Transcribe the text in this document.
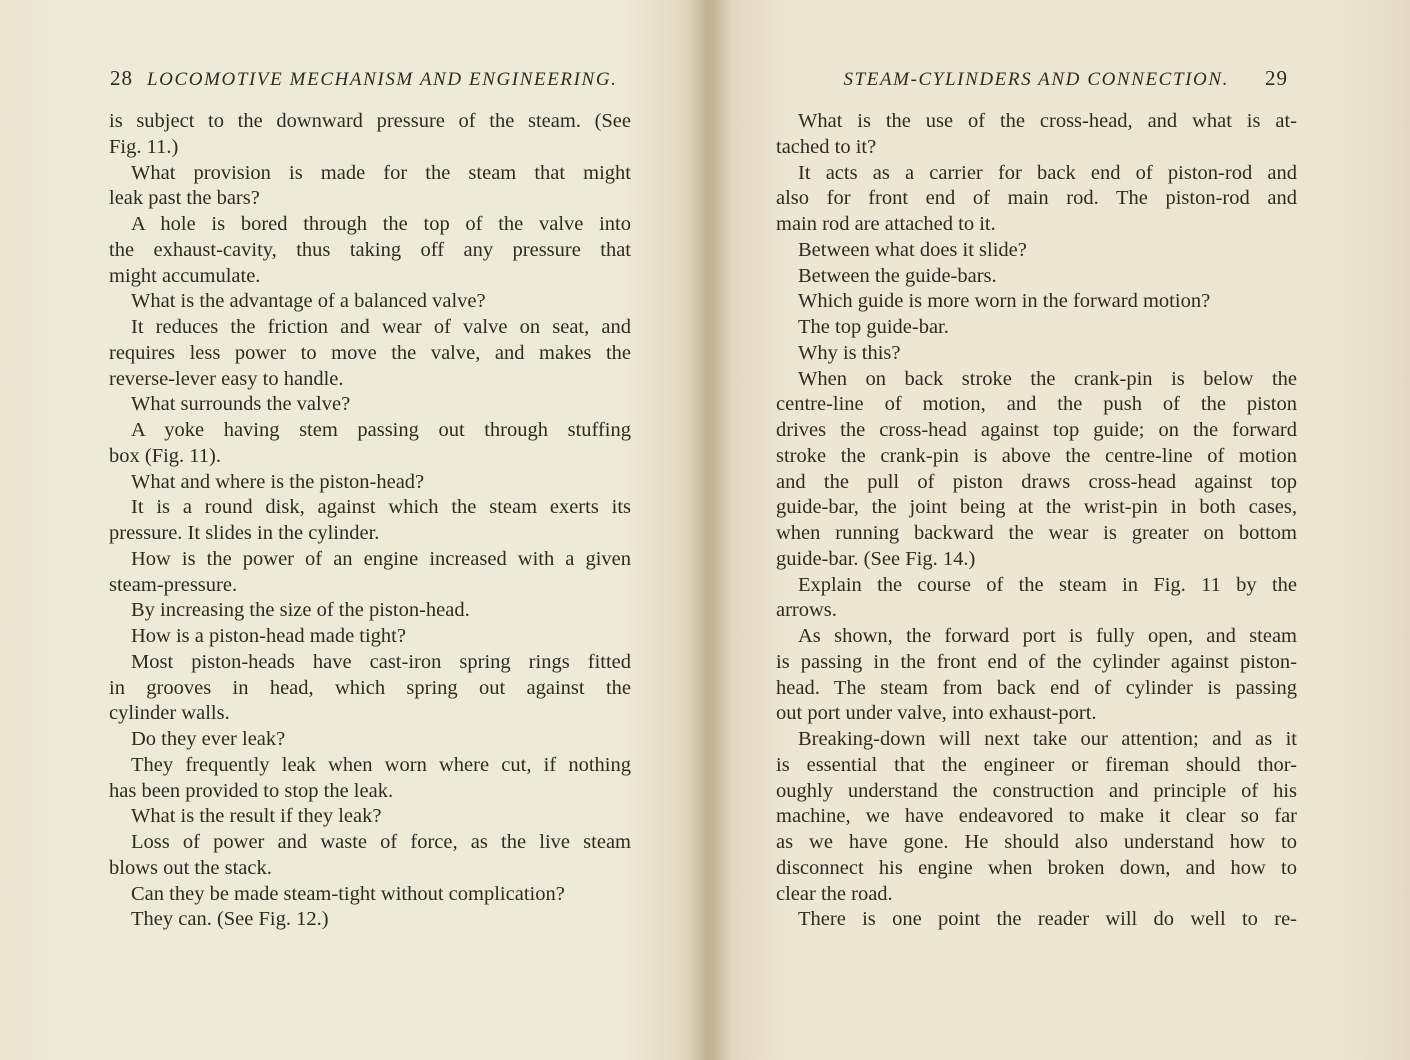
28 LOCOMOTIVE MECHANISM AND ENGINEERING.	STEAM-CYLINDERS AND CONNECTION. 29
is subject to the downward pressure of the steam. (See
Fig. 11.)
What provision is made for the steam that might
leak past the bars?
A hole is bored through the top of the valve into
the exhaust-cavity, thus taking off any pressure that
might accumulate.
What is the advantage of a balanced valve?
It reduces the friction and wear of valve on seat, and
requires less power to move the valve, and makes the
reverse-lever easy to handle.
What surrounds the valve?
A yoke having stem passing out through stuffing
box (Fig. 11).
What and where is the piston-head?
It is a round disk, against which the steam exerts its
pressure. It slides in the cylinder.
How is the power of an engine increased with a given
steam-pressure.
By increasing the size of the piston-head.
How is a piston-head made tight?
Most piston-heads have cast-iron spring rings fitted
in grooves in head, which spring out against the
cylinder walls.
Do they ever leak?
They frequently leak when worn where cut, if nothing
has been provided to stop the leak.
What is the result if they leak?
Loss of power and waste of force, as the live steam
blows out the stack.
Can they be made steam-tight without complication?
They can. (See Fig. 12.)
What is the use of the cross-head, and what is at-
tached to it?
It acts as a carrier for back end of piston-rod and
also for front end of main rod. The piston-rod and
main rod are attached to it.
Between what does it slide?
Between the guide-bars.
Which guide is more worn in the forward motion?
The top guide-bar.
Why is this?
When on back stroke the crank-pin is below the
centre-line of motion, and the push of the piston
drives the cross-head against top guide; on the forward
stroke the crank-pin is above the centre-line of motion
and the pull of piston draws cross-head against top
guide-bar, the joint being at the wrist-pin in both cases,
when running backward the wear is greater on bottom
guide-bar. (See Fig. 14.)
Explain the course of the steam in Fig. 11 by the
arrows.
As shown, the forward port is fully open, and steam
is passing in the front end of the cylinder against piston-
head. The steam from back end of cylinder is passing
out port under valve, into exhaust-port.
Breaking-down will next take our attention; and as it
is essential that the engineer or fireman should thor-
oughly understand the construction and principle of his
machine, we have endeavored to make it clear so far
as we have gone. He should also understand how to
disconnect his engine when broken down, and how to
clear the road.
There is one point the reader will do well to re-
